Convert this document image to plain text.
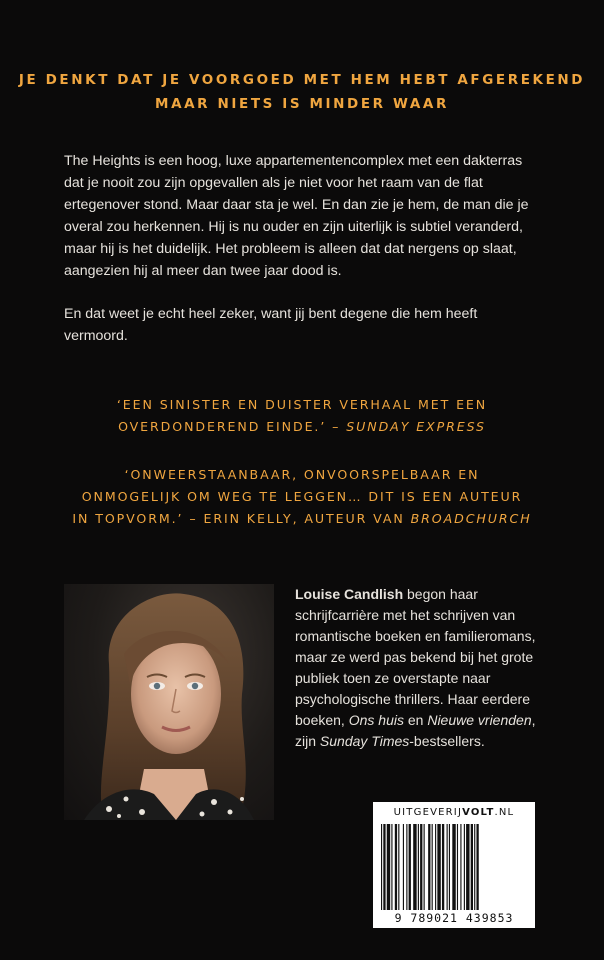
JE DENKT DAT JE VOORGOED MET HEM HEBT AFGEREKEND
MAAR NIETS IS MINDER WAAR

The Heights is een hoog, luxe appartementencomplex met een dakterras dat je nooit zou zijn opgevallen als je niet voor het raam van de flat ertegenover stond. Maar daar sta je wel. En dan zie je hem, de man die je overal zou herkennen. Hij is nu ouder en zijn uiterlijk is subtiel veranderd, maar hij is het duidelijk. Het probleem is alleen dat dat nergens op slaat, aangezien hij al meer dan twee jaar dood is.

En dat weet je echt heel zeker, want jij bent degene die hem heeft vermoord.

‘EEN SINISTER EN DUISTER VERHAAL MET EEN
OVERDONDEREND EINDE.’ – SUNDAY EXPRESS
‘ONWEERSTAANBAAR, ONVOORSPELBAAR EN
ONMOGELIJK OM WEG TE LEGGEN… DIT IS EEN AUTEUR
IN TOPVORM.’ – ERIN KELLY, AUTEUR VAN BROADCHURCH
Louise Candlish begon haar schrijfcarrière met het schrijven van romantische boeken en familieromans, maar ze werd pas bekend bij het grote publiek toen ze overstapte naar psychologische thrillers. Haar eerdere boeken, Ons huis en Nieuwe vrienden, zijn Sunday Times-bestsellers.
UITGEVERIJVOLT.NL
9 789021 439853
